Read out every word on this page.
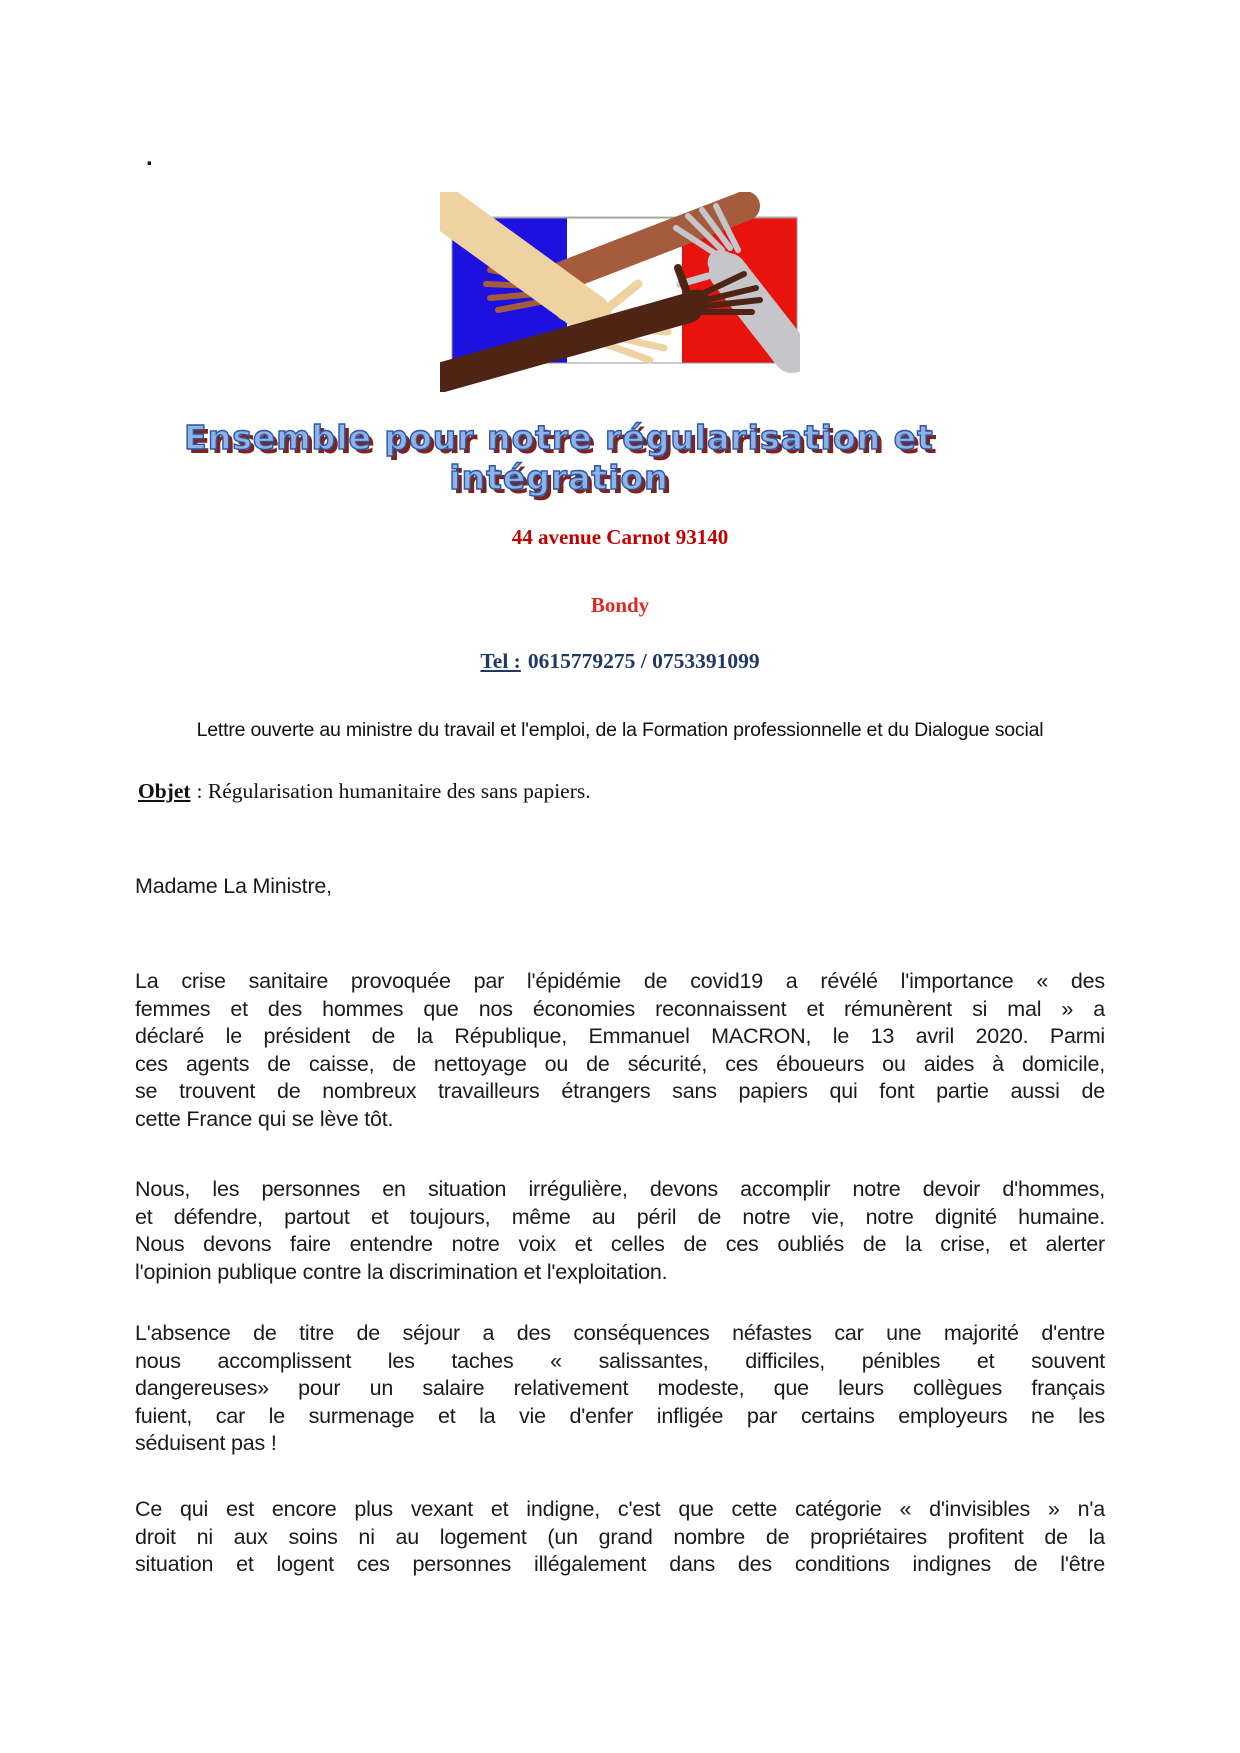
.
Ensemble pour notre régularisation et
intégration

44 avenue Carnot 93140

Bondy

Tel : 0615779275 / 0753391099

Lettre ouverte au ministre du travail et l'emploi, de la Formation professionnelle et du Dialogue social

Objet : Régularisation humanitaire des sans papiers.

Madame La Ministre,

La crise sanitaire provoquée par l'épidémie de covid19 a révélé l'importance « des
femmes et des hommes que nos économies reconnaissent et rémunèrent si mal » a
déclaré le président de la République, Emmanuel MACRON, le 13 avril 2020. Parmi
ces agents de caisse, de nettoyage ou de sécurité, ces éboueurs ou aides à domicile,
se trouvent de nombreux travailleurs étrangers sans papiers qui font partie aussi de
cette France qui se lève tôt.
Nous, les personnes en situation irrégulière, devons accomplir notre devoir d'hommes,
et défendre, partout et toujours, même au péril de notre vie, notre dignité humaine.
Nous devons faire entendre notre voix et celles de ces oubliés de la crise, et alerter
l'opinion publique contre la discrimination et l'exploitation.
L'absence de titre de séjour a des conséquences néfastes car une majorité d'entre
nous accomplissent les taches « salissantes, difficiles, pénibles et souvent
dangereuses» pour un salaire relativement modeste, que leurs collègues français
fuient, car le surmenage et la vie d'enfer infligée par certains employeurs ne les
séduisent pas !
Ce qui est encore plus vexant et indigne, c'est que cette catégorie « d'invisibles » n'a
droit ni aux soins ni au logement (un grand nombre de propriétaires profitent de la
situation et logent ces personnes illégalement dans des conditions indignes de l'être
